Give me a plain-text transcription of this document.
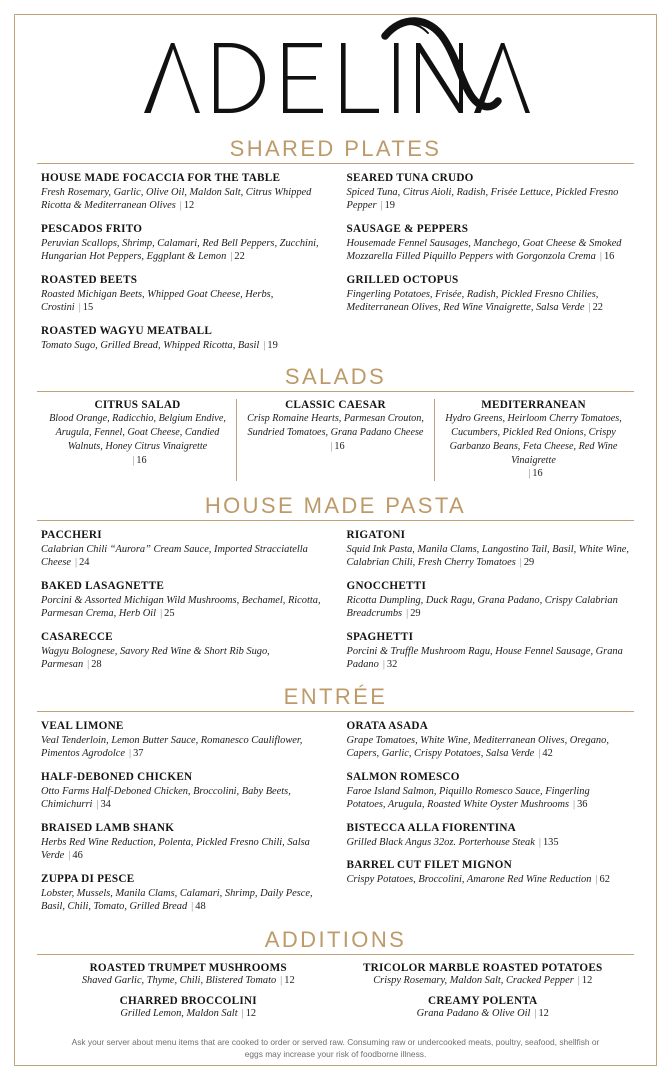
SHARED PLATES
HOUSE MADE FOCACCIA FOR THE TABLE
Fresh Rosemary, Garlic, Olive Oil, Maldon Salt, Citrus Whipped Ricotta & Mediterranean Olives | 12
PESCADOS FRITO
Peruvian Scallops, Shrimp, Calamari, Red Bell Peppers, Zucchini, Hungarian Hot Peppers, Eggplant & Lemon | 22
ROASTED BEETS
Roasted Michigan Beets, Whipped Goat Cheese, Herbs, Crostini | 15
ROASTED WAGYU MEATBALL
Tomato Sugo, Grilled Bread, Whipped Ricotta, Basil | 19
SEARED TUNA CRUDO
Spiced Tuna, Citrus Aioli, Radish, Frisée Lettuce, Pickled Fresno Pepper | 19
SAUSAGE & PEPPERS
Housemade Fennel Sausages, Manchego, Goat Cheese & Smoked Mozzarella Filled Piquillo Peppers with Gorgonzola Crema | 16
GRILLED OCTOPUS
Fingerling Potatoes, Frisée, Radish, Pickled Fresno Chilies, Mediterranean Olives, Red Wine Vinaigrette, Salsa Verde | 22
SALADS
CITRUS SALAD
Blood Orange, Radicchio, Belgium Endive, Arugula, Fennel, Goat Cheese, Candied Walnuts, Honey Citrus Vinaigrette
| 16
CLASSIC CAESAR
Crisp Romaine Hearts, Parmesan Crouton, Sundried Tomatoes, Grana Padano Cheese
| 16
MEDITERRANEAN
Hydro Greens, Heirloom Cherry Tomatoes, Cucumbers, Pickled Red Onions, Crispy Garbanzo Beans, Feta Cheese, Red Wine Vinaigrette
| 16
HOUSE MADE PASTA
PACCHERI
Calabrian Chili “Aurora” Cream Sauce, Imported Stracciatella Cheese | 24
BAKED LASAGNETTE
Porcini & Assorted Michigan Wild Mushrooms, Bechamel, Ricotta, Parmesan Crema, Herb Oil | 25
CASARECCE
Wagyu Bolognese, Savory Red Wine & Short Rib Sugo, Parmesan | 28
RIGATONI
Squid Ink Pasta, Manila Clams, Langostino Tail, Basil, White Wine, Calabrian Chili, Fresh Cherry Tomatoes | 29
GNOCCHETTI
Ricotta Dumpling, Duck Ragu, Grana Padano, Crispy Calabrian Breadcrumbs | 29
SPAGHETTI
Porcini & Truffle Mushroom Ragu, House Fennel Sausage, Grana Padano | 32
ENTRÉE
VEAL LIMONE
Veal Tenderloin, Lemon Butter Sauce, Romanesco Cauliflower, Pimentos Agrodolce | 37
HALF-DEBONED CHICKEN
Otto Farms Half-Deboned Chicken, Broccolini, Baby Beets, Chimichurri | 34
BRAISED LAMB SHANK
Herbs Red Wine Reduction, Polenta, Pickled Fresno Chili, Salsa Verde | 46
ZUPPA DI PESCE
Lobster, Mussels, Manila Clams, Calamari, Shrimp, Daily Pesce, Basil, Chili, Tomato, Grilled Bread | 48
ORATA ASADA
Grape Tomatoes, White Wine, Mediterranean Olives, Oregano, Capers, Garlic, Crispy Potatoes, Salsa Verde | 42
SALMON ROMESCO
Faroe Island Salmon, Piquillo Romesco Sauce, Fingerling Potatoes, Arugula, Roasted White Oyster Mushrooms | 36
BISTECCA ALLA FIORENTINA
Grilled Black Angus 32oz. Porterhouse Steak | 135
BARREL CUT FILET MIGNON
Crispy Potatoes, Broccolini, Amarone Red Wine Reduction | 62
ADDITIONS
ROASTED TRUMPET MUSHROOMS
Shaved Garlic, Thyme, Chili, Blistered Tomato | 12
CHARRED BROCCOLINI
Grilled Lemon, Maldon Salt | 12
TRICOLOR MARBLE ROASTED POTATOES
Crispy Rosemary, Maldon Salt, Cracked Pepper | 12
CREAMY POLENTA
Grana Padano & Olive Oil | 12
Ask your server about menu items that are cooked to order or served raw. Consuming raw or undercooked meats, poultry, seafood, shellfish or eggs may increase your risk of foodborne illness.
